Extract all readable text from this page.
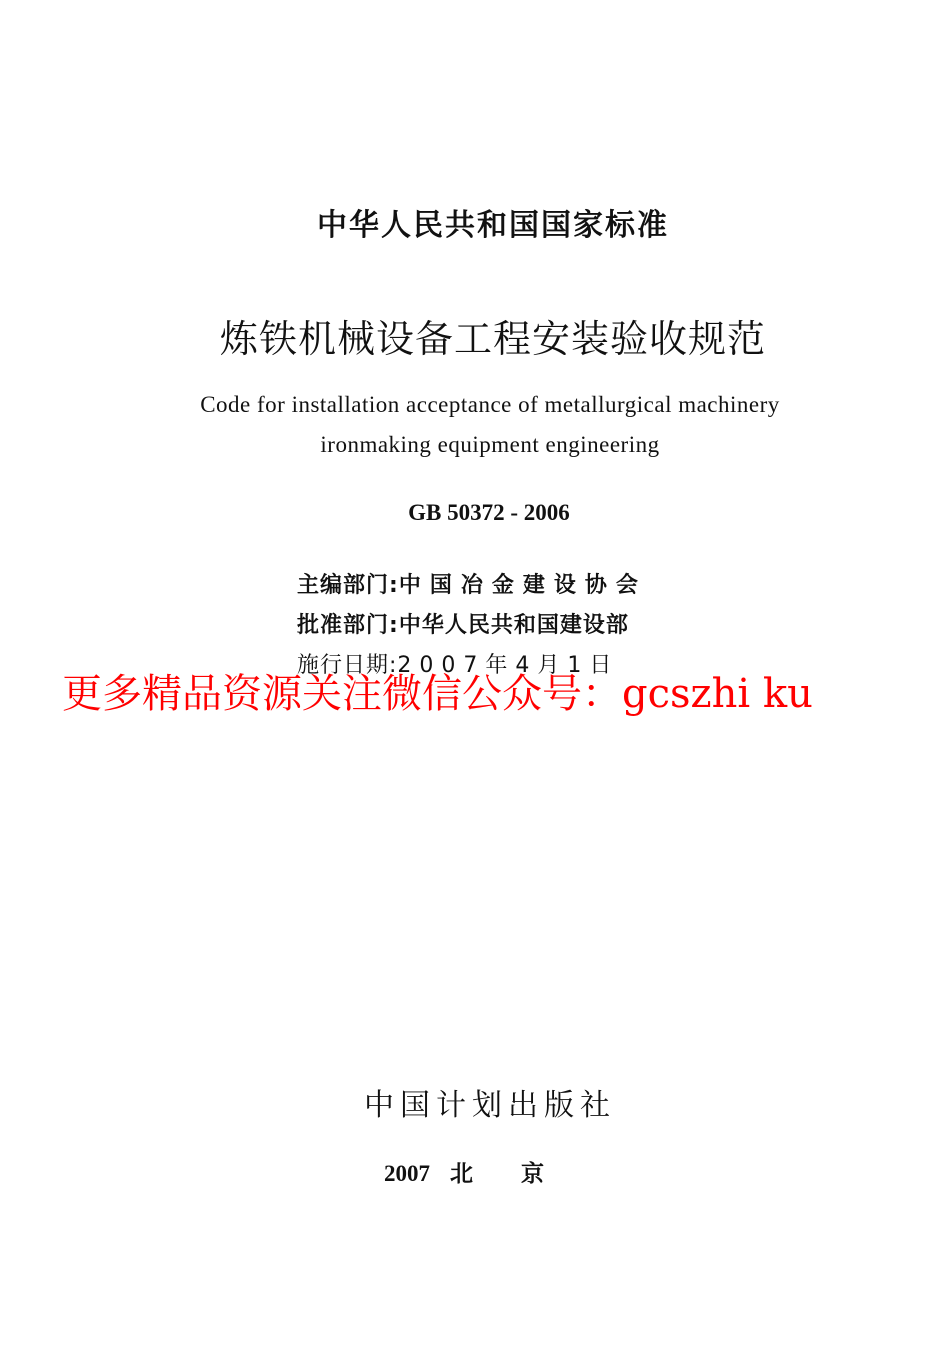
中华人民共和国国家标准
炼铁机械设备工程安装验收规范
Code for installation acceptance of metallurgical machinery
ironmaking equipment engineering
GB 50372 - 2006
主编部门:中国冶金建设协会
批准部门:中华人民共和国建设部
施行日期:2007年4月1日
更多精品资源关注微信公众号：gcszhi ku
中国计划出版社
2007 北京
